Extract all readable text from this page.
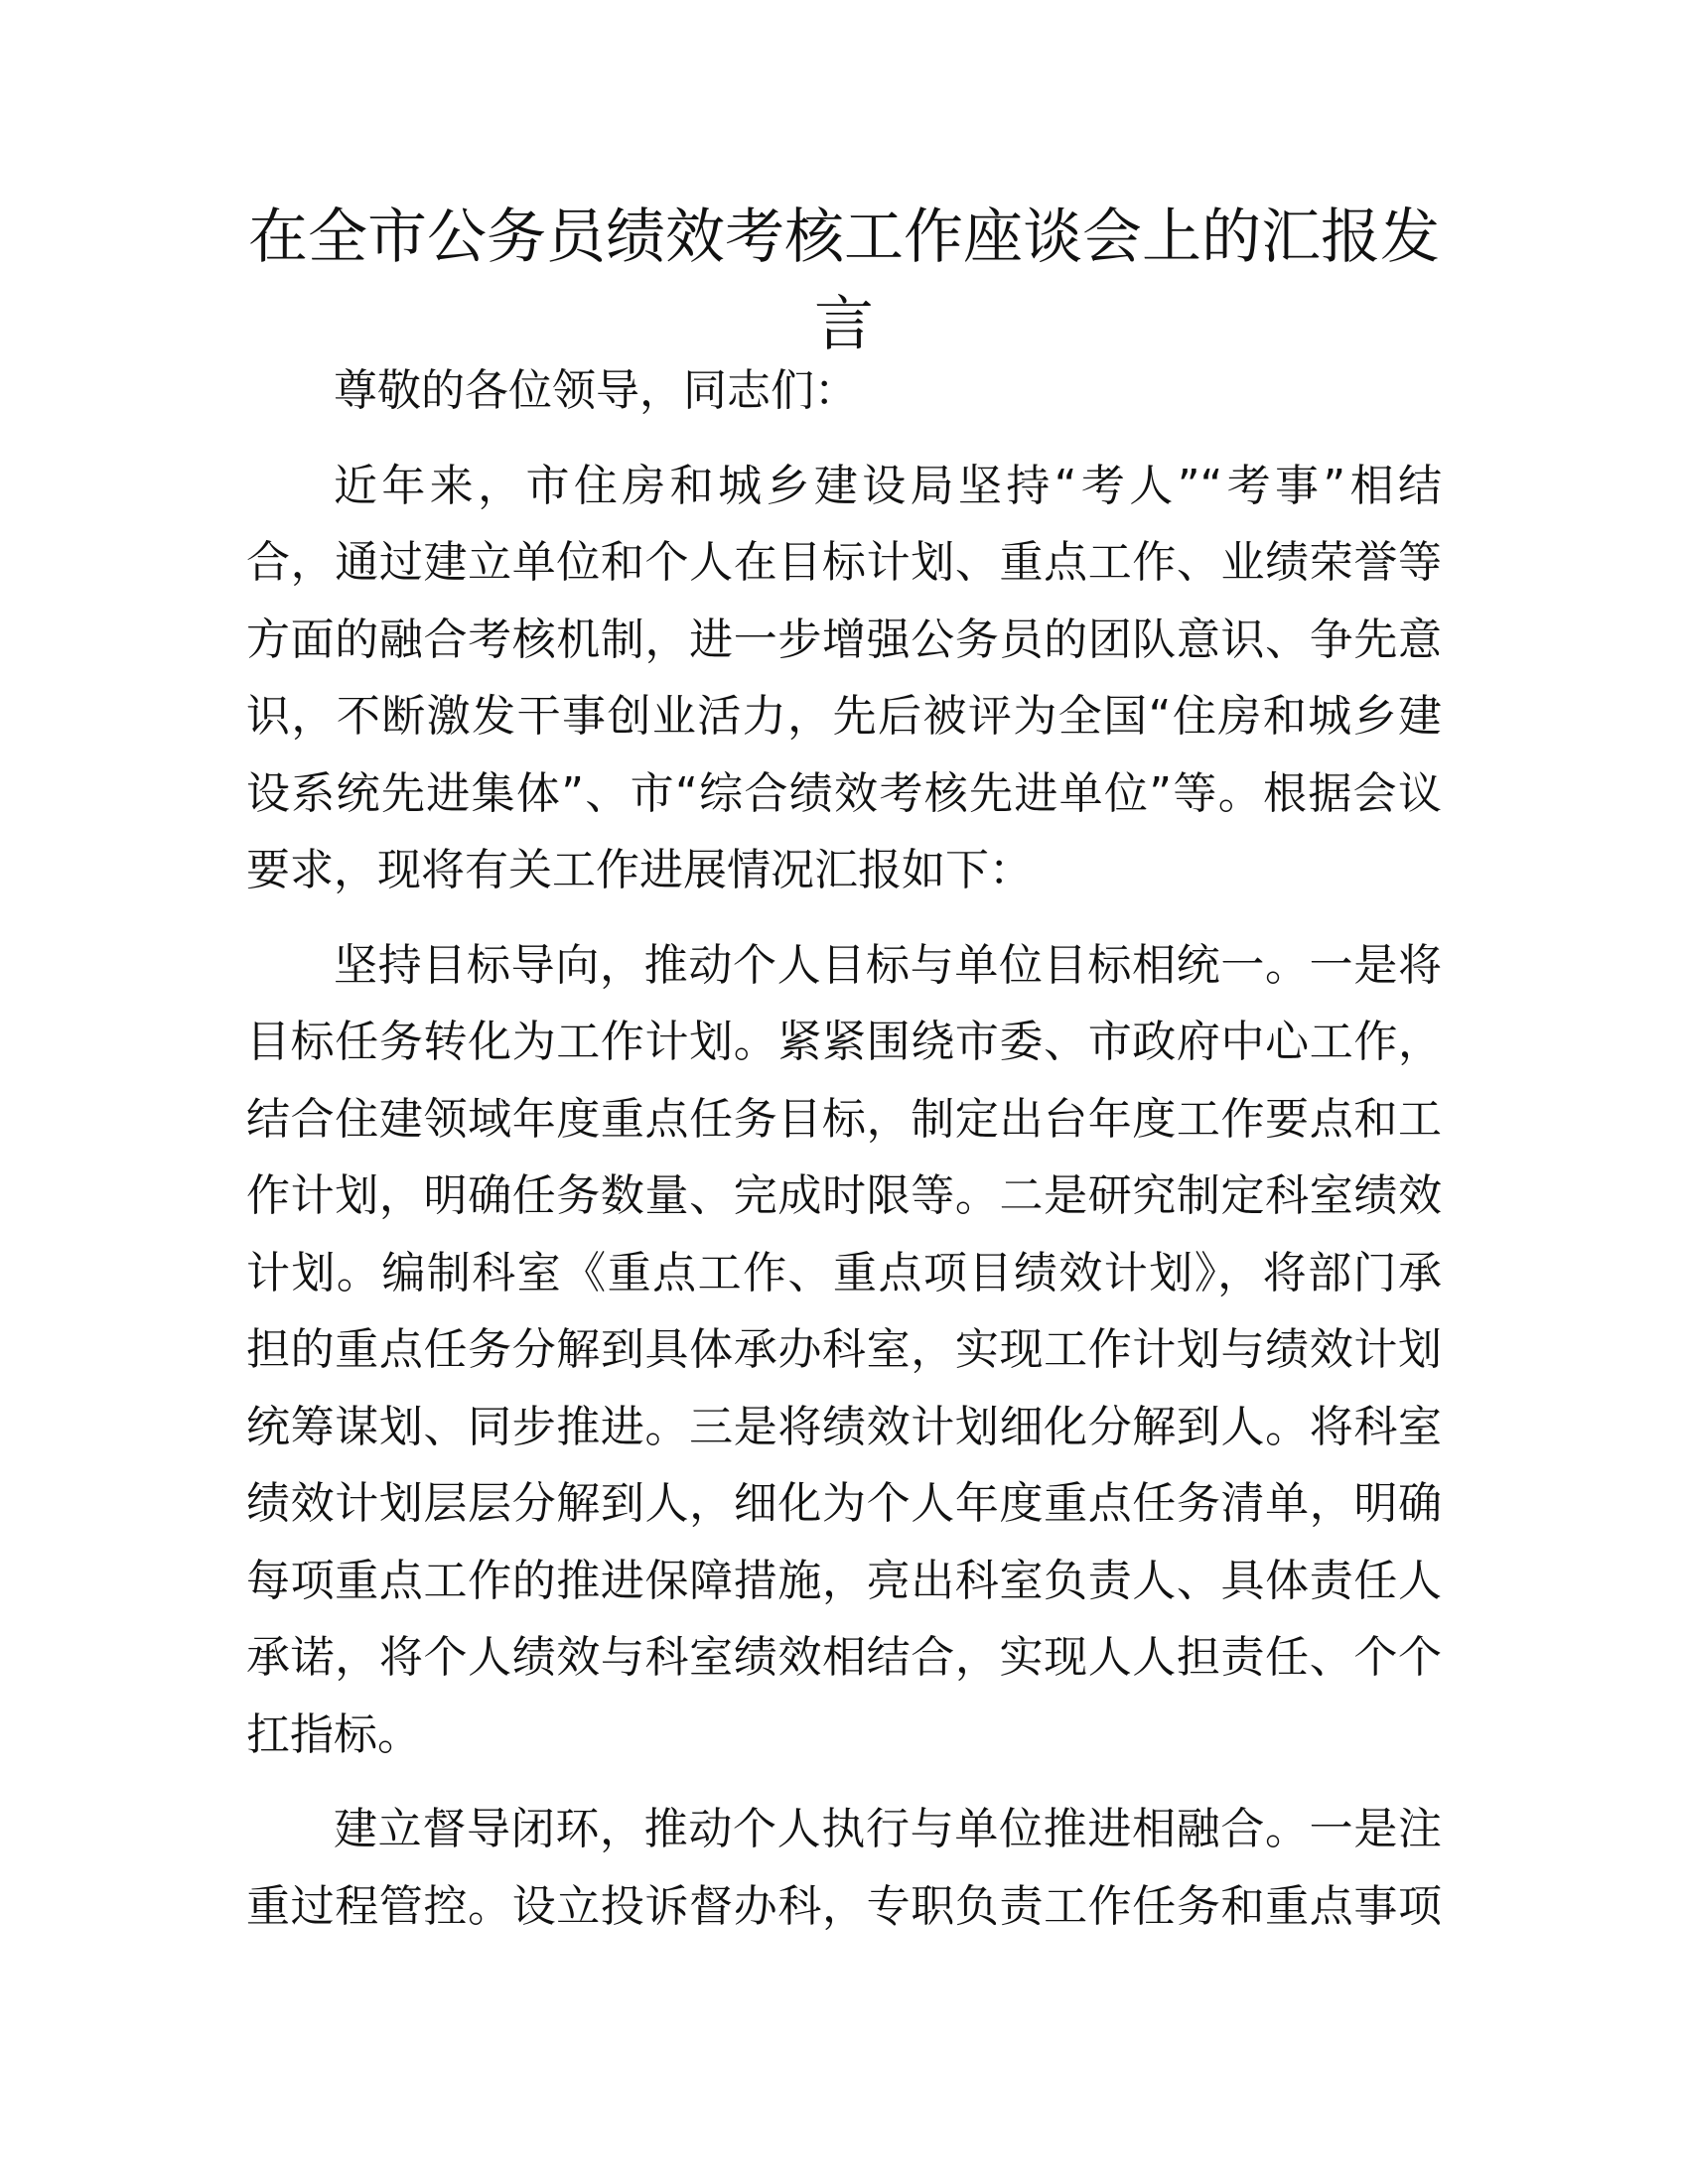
在全市公务员绩效考核工作座谈会上的汇报发
言
尊敬的各位领导，同志们：
近年来，市住房和城乡建设局坚持“考人”“考事”相结
合，通过建立单位和个人在目标计划、重点工作、业绩荣誉等
方面的融合考核机制，进一步增强公务员的团队意识、争先意
识，不断激发干事创业活力，先后被评为全国“住房和城乡建
设系统先进集体”、市“综合绩效考核先进单位”等。根据会议
要求，现将有关工作进展情况汇报如下：
坚持目标导向，推动个人目标与单位目标相统一。一是将
目标任务转化为工作计划。紧紧围绕市委、市政府中心工作，
结合住建领域年度重点任务目标，制定出台年度工作要点和工
作计划，明确任务数量、完成时限等。二是研究制定科室绩效
计划。编制科室《重点工作、重点项目绩效计划》，将部门承
担的重点任务分解到具体承办科室，实现工作计划与绩效计划
统筹谋划、同步推进。三是将绩效计划细化分解到人。将科室
绩效计划层层分解到人，细化为个人年度重点任务清单，明确
每项重点工作的推进保障措施，亮出科室负责人、具体责任人
承诺，将个人绩效与科室绩效相结合，实现人人担责任、个个
扛指标。
建立督导闭环，推动个人执行与单位推进相融合。一是注
重过程管控。设立投诉督办科，专职负责工作任务和重点事项
